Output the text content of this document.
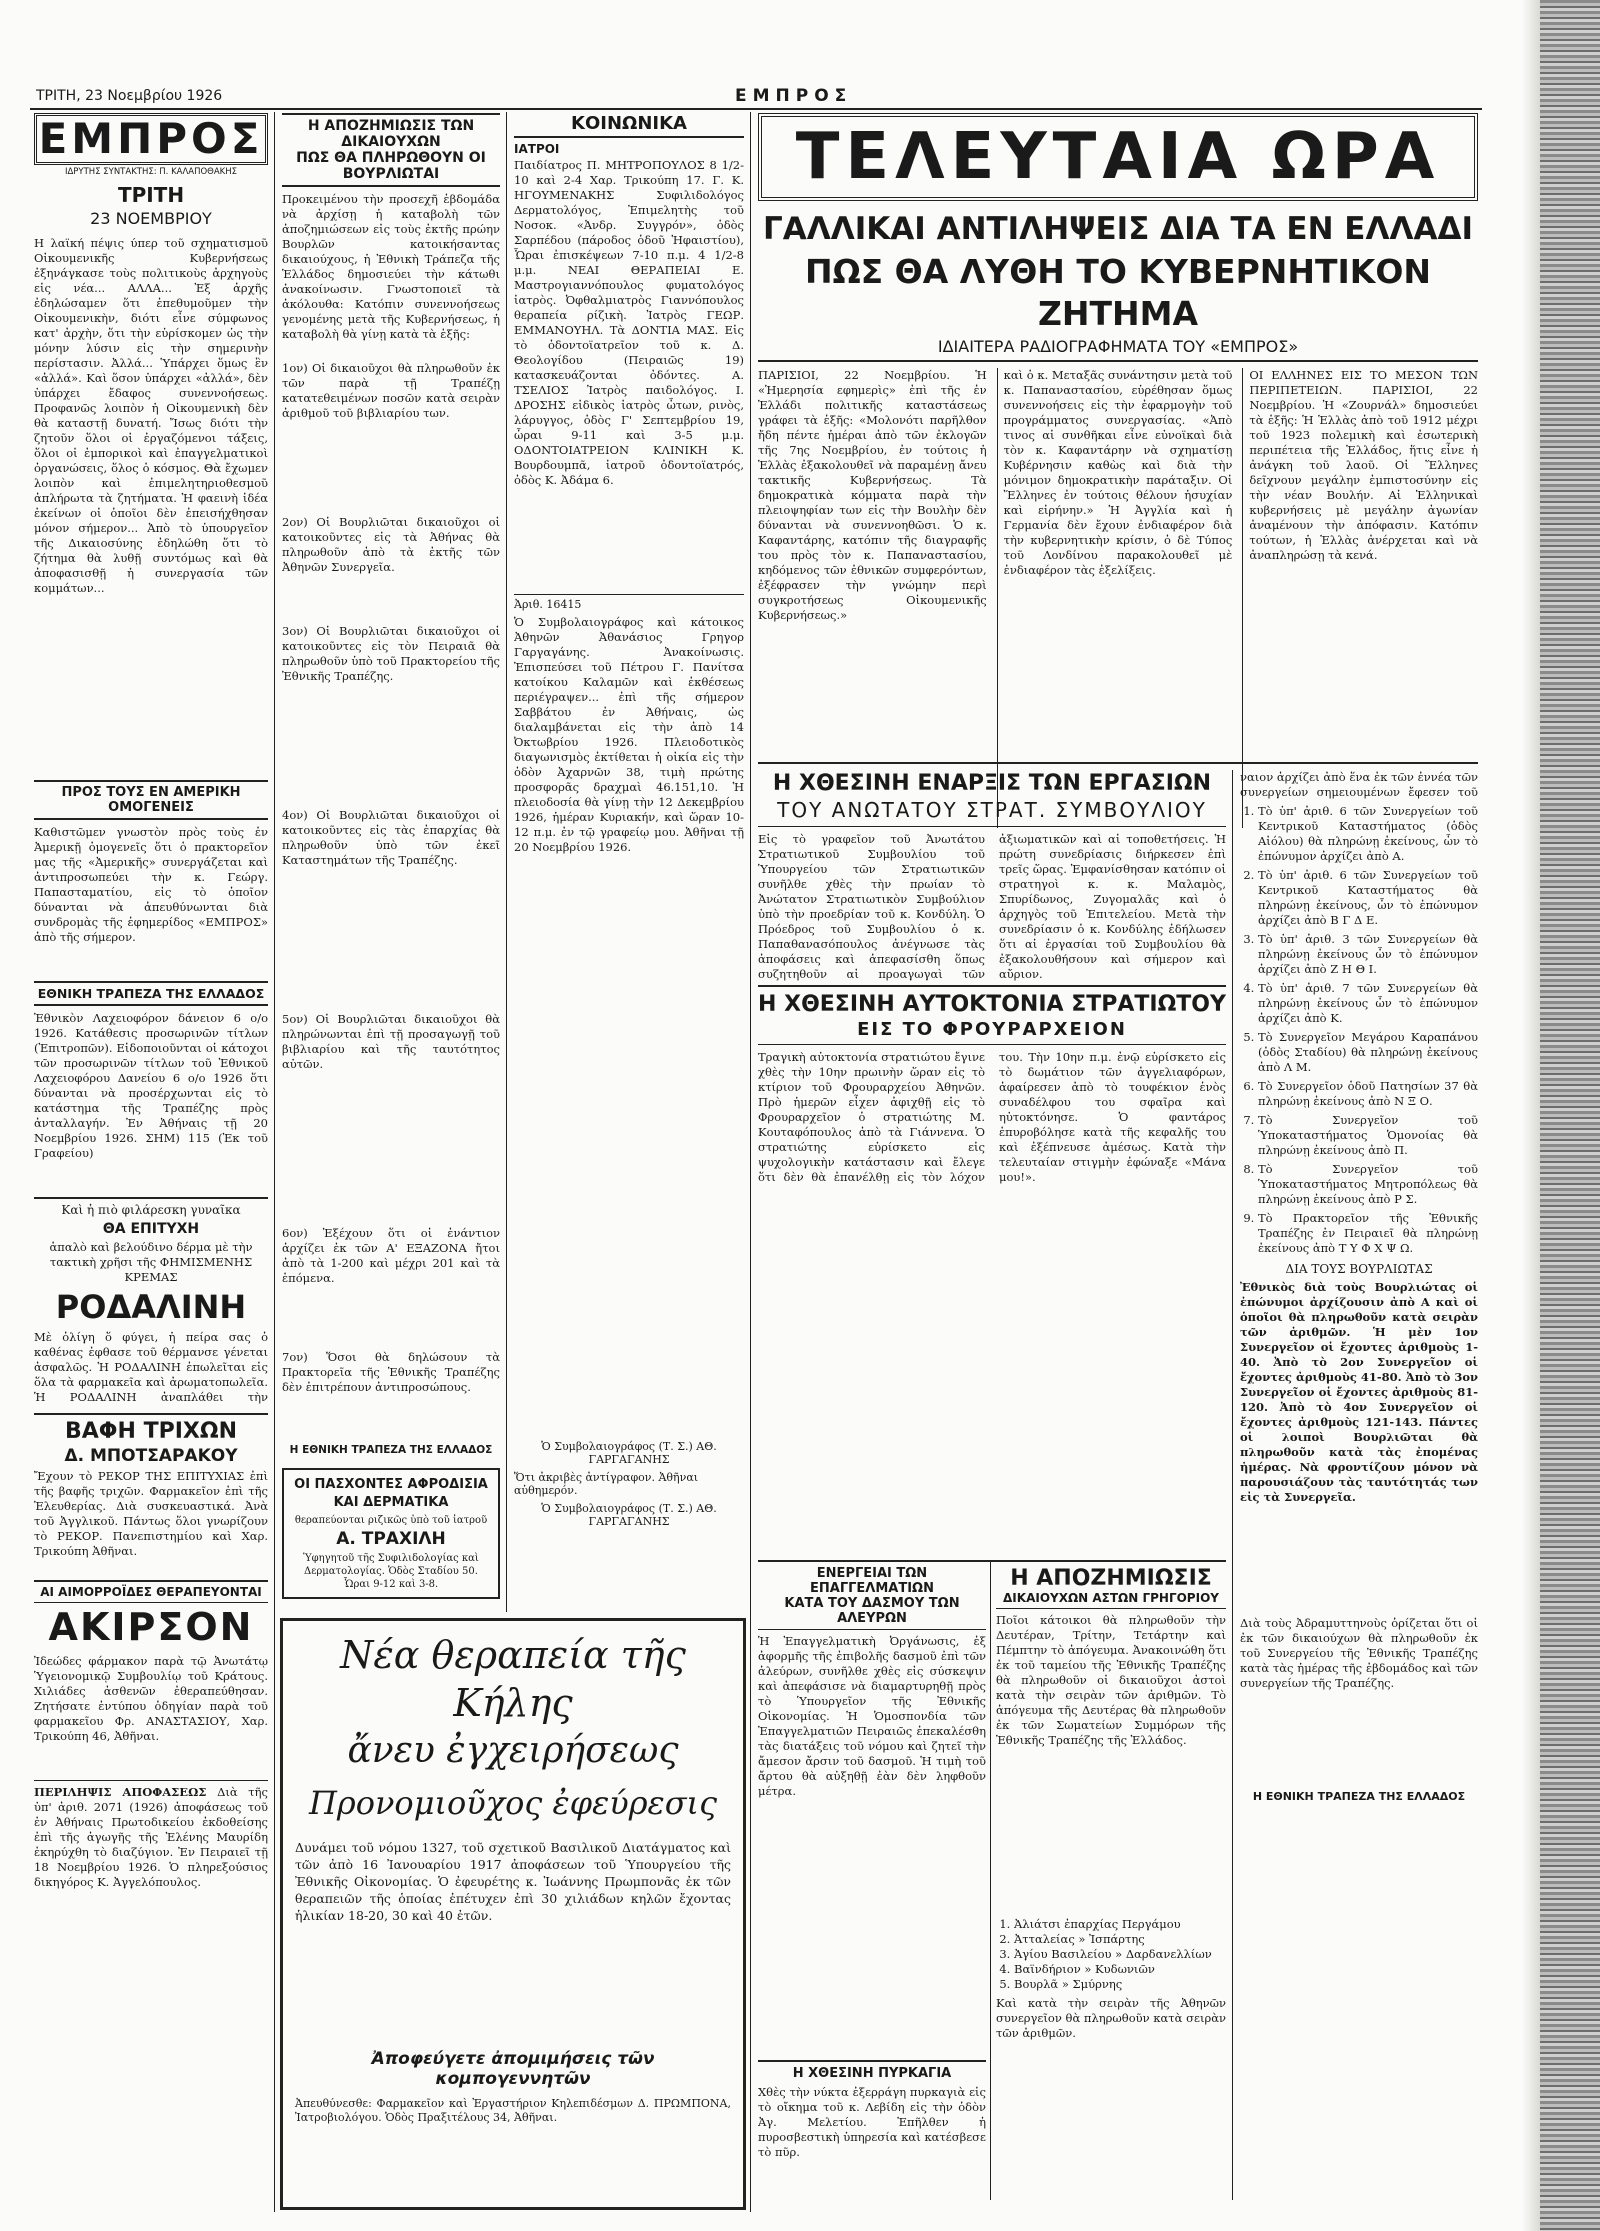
ΤΡΙΤΗ, 23 Νοεμβρίου 1926	ΕΜΠΡΟΣ
ΕΜΠΡΟΣ
ΙΔΡΥΤΗΣ ΣΥΝΤΑΚΤΗΣ: Π. ΚΑΛΑΠΟΘΑΚΗΣ
ΤΡΙΤΗ
23 ΝΟΕΜΒΡΙΟΥ

Η λαϊκή πέψις ύπερ τοῦ σχηματισμοῦ Οἰκουμενικῆς Κυβερνήσεως ἐξηνάγκασε τοὺς πολιτικοὺς ἀρχηγοὺς εἰς νέα... ΑΛΛΑ... Ἐξ ἀρχῆς ἐδηλώσαμεν ὅτι ἐπεθυμοῦμεν τὴν Οἰκουμενικὴν, διότι εἶνε σύμφωνος κατ' ἀρχὴν, ὅτι τὴν εὑρίσκομεν ὡς τὴν μόνην λύσιν εἰς τὴν σημερινὴν περίστασιν. Ἀλλά... Ὑπάρχει ὅμως ἓν «ἀλλά». Καὶ ὅσον ὑπάρχει «ἀλλά», δὲν ὑπάρχει ἔδαφος συνεννοήσεως. Προφανῶς λοιπὸν ἡ Οἰκουμενικὴ δὲν θὰ καταστῇ δυνατή. Ἴσως διότι τὴν ζητοῦν ὅλοι οἱ ἐργαζόμενοι τάξεις, ὅλοι οἱ ἐμπορικοὶ καὶ ἐπαγγελματικοὶ ὀργανώσεις, ὅλος ὁ κόσμος. Θὰ ἔχωμεν λοιπὸν καὶ ἐπιμελητηριοθεσμοῦ ἀπλήρωτα τὰ ζητήματα. Ἡ φαεινὴ ἰδέα ἐκείνων οἱ ὁποῖοι δὲν ἐπεισήχθησαν μόνον σήμερον... Ἀπὸ τὸ ὑπουργεῖον τῆς Δικαιοσύνης ἐδηλώθη ὅτι τὸ ζήτημα θὰ λυθῇ συντόμως καὶ θὰ ἀποφασισθῇ ἡ συνεργασία τῶν κομμάτων...

ΠΡΟΣ ΤΟΥΣ ΕΝ ΑΜΕΡΙΚΗ ΟΜΟΓΕΝΕΙΣ

Καθιστῶμεν γνωστὸν πρὸς τοὺς ἐν Ἀμερικῇ ὁμογενεῖς ὅτι ὁ πρακτορεῖον μας τῆς «Ἀμερικῆς» συνεργάζεται καὶ ἀντιπροσωπεύει τὴν κ. Γεώργ. Παπασταματίου, εἰς τὸ ὁποῖον δύνανται νὰ ἀπευθύνωνται διὰ συνδρομὰς τῆς ἐφημερίδος «ΕΜΠΡΟΣ» ἀπὸ τῆς σήμερον.

ΕΘΝΙΚΗ ΤΡΑΠΕΖΑ ΤΗΣ ΕΛΛΑΔΟΣ

Ἐθνικὸν Λαχειοφόρον δάνειον 6 ο/ο 1926. Κατάθεσις προσωρινῶν τίτλων (Ἐπιτροπῶν). Εἰδοποιοῦνται οἱ κάτοχοι τῶν προσωρινῶν τίτλων τοῦ Ἐθνικοῦ Λαχειοφόρου Δανείου 6 ο/ο 1926 ὅτι δύνανται νὰ προσέρχωνται εἰς τὸ κατάστημα τῆς Τραπέζης πρὸς ἀνταλλαγήν. Ἐν Ἀθήναις τῇ 20 Νοεμβρίου 1926. ΣΗΜ) 115 (Ἐκ τοῦ Γραφείου)

Καὶ ἡ πιὸ φιλάρεσκη γυναῖκα
ΘΑ ΕΠΙΤΥΧΗ
ἁπαλὸ καὶ βελούδινο δέρμα μὲ τὴν τακτικὴ χρῆσι τῆς ΦΗΜΙΣΜΕΝΗΣ ΚΡΕΜΑΣ
ΡΟΔΑΛΙΝΗ

Μὲ ὀλίγη ὅ φύγει, ἡ πείρα σας ὁ καθένας ἐφθασε τοῦ θέρμανσε γένεται ἀσφαλῶς. Ἡ ΡΟΔΑΛΙΝΗ ἐπωλεῖται εἰς ὅλα τὰ φαρμακεῖα καὶ ἀρωματοπωλεῖα. Ἡ ΡΟΔΑΛΙΝΗ ἀναπλάθει τὴν

ΒΑΦΗ ΤΡΙΧΩΝ
Δ. ΜΠΟΤΣΑΡΑΚΟΥ

Ἔχουν τὸ ΡΕΚΟΡ ΤΗΣ ΕΠΙΤΥΧΙΑΣ ἐπὶ τῆς βαφῆς τριχῶν. Φαρμακεῖον ἐπὶ τῆς Ἐλευθερίας. Διὰ συσκευαστικά. Ἀνὰ τοῦ Ἀγγλικοῦ. Πάντως ὅλοι γνωρίζουν τὸ ΡΕΚΟΡ. Πανεπιστημίου καὶ Χαρ. Τρικούπη Ἀθῆναι.

ΑΙ ΑΙΜΟΡΡΟΪΔΕΣ ΘΕΡΑΠΕΥΟΝΤΑΙ
ΑΚΙΡΣΟΝ

Ἰδεώδες φάρμακον παρὰ τῷ Ἀνωτάτῳ Ὑγειονομικῷ Συμβουλίῳ τοῦ Κράτους. Χιλιάδες ἀσθενῶν ἐθεραπεύθησαν. Ζητήσατε ἐντύπου ὁδηγίαν παρὰ τοῦ φαρμακεῖου Φρ. ΑΝΑΣΤΑΣΙΟΥ, Χαρ. Τρικούπη 46, Ἀθῆναι.

ΠΕΡΙΛΗΨΙΣ ΑΠΟΦΑΣΕΩΣ Διὰ τῆς ὑπ' ἀριθ. 2071 (1926) ἀποφάσεως τοῦ ἐν Ἀθήναις Πρωτοδικείου ἐκδοθείσης ἐπὶ τῆς ἀγωγῆς τῆς Ἑλένης Μαυρίδη ἐκηρύχθη τὸ διαζύγιον. Ἐν Πειραιεῖ τῇ 18 Νοεμβρίου 1926. Ὁ πληρεξούσιος δικηγόρος Κ. Ἀγγελόπουλος.

Η ΑΠΟΖΗΜΙΩΣΙΣ ΤΩΝ ΔΙΚΑΙΟΥΧΩΝ
ΠΩΣ ΘΑ ΠΛΗΡΩΘΟΥΝ ΟΙ ΒΟΥΡΛΙΩΤΑΙ

Προκειμένου τὴν προσεχῆ ἑβδομάδα νὰ ἀρχίσῃ ἡ καταβολὴ τῶν ἀποζημιώσεων εἰς τοὺς ἐκτῆς πρώην Βουρλῶν κατοικήσαντας δικαιούχους, ἡ Ἐθνικὴ Τράπεζα τῆς Ἑλλάδος δημοσιεύει τὴν κάτωθι ἀνακοίνωσιν. Γνωστοποιεῖ τὰ ἀκόλουθα: Κατόπιν συνεννοήσεως γενομένης μετὰ τῆς Κυβερνήσεως, ἡ καταβολὴ θὰ γίνῃ κατὰ τὰ ἑξῆς:

1ον) Οἱ δικαιοῦχοι θὰ πληρωθοῦν ἐκ τῶν παρὰ τῇ Τραπέζῃ κατατεθειμένων ποσῶν κατὰ σειρὰν ἀριθμοῦ τοῦ βιβλιαρίου των.

2ον) Οἱ Βουρλιῶται δικαιοῦχοι οἱ κατοικοῦντες εἰς τὰ Ἀθήνας θὰ πληρωθοῦν ἀπὸ τὰ ἐκτῆς τῶν Ἀθηνῶν Συνεργεῖα.

3ον) Οἱ Βουρλιῶται δικαιοῦχοι οἱ κατοικοῦντες εἰς τὸν Πειραιᾶ θὰ πληρωθοῦν ὑπὸ τοῦ Πρακτορείου τῆς Ἐθνικῆς Τραπέζης.

4ον) Οἱ Βουρλιῶται δικαιοῦχοι οἱ κατοικοῦντες εἰς τὰς ἐπαρχίας θὰ πληρωθοῦν ὑπὸ τῶν ἐκεῖ Καταστημάτων τῆς Τραπέζης.

5ον) Οἱ Βουρλιῶται δικαιοῦχοι θὰ πληρώνωνται ἐπὶ τῇ προσαγωγῇ τοῦ βιβλιαρίου καὶ τῆς ταυτότητος αὐτῶν.

6ον) Ἐξέχουν ὅτι οἱ ἐνάντιον ἀρχίζει ἐκ τῶν Α' ΕΞΑΖΟΝΑ ἤτοι ἀπὸ τὰ 1-200 καὶ μέχρι 201 καὶ τὰ ἑπόμενα.

7ον) Ὅσοι θὰ δηλώσουν τὰ Πρακτορεῖα τῆς Ἐθνικῆς Τραπέζης δὲν ἐπιτρέπουν ἀντιπροσώπους.

Η ΕΘΝΙΚΗ ΤΡΑΠΕΖΑ ΤΗΣ ΕΛΛΑΔΟΣ
ΟΙ ΠΑΣΧΟΝΤΕΣ ΑΦΡΟΔΙΣΙΑ ΚΑΙ ΔΕΡΜΑΤΙΚΑ
θεραπεύονται ριζικῶς ὑπὸ τοῦ ἰατροῦ
Α. ΤΡΑΧΙΛΗ
Ὑφηγητοῦ τῆς Συφιλιδολογίας καὶ Δερματολογίας. Ὁδὸς Σταδίου 50. Ὧραι 9-12 καὶ 3-8.
ΚΟΙΝΩΝΙΚΑ
ΙΑΤΡΟΙ

Παιδίατρος Π. ΜΗΤΡΟΠΟΥΛΟΣ 8 1/2-10 καὶ 2-4 Χαρ. Τρικούπη 17. Γ. Κ. ΗΓΟΥΜΕΝΑΚΗΣ Συφιλιδολόγος Δερματολόγος, Ἐπιμελητὴς τοῦ Νοσοκ. «Ἀνδρ. Συγγρόν», ὁδὸς Σαρπέδου (πάροδος ὁδοῦ Ἡφαιστίου), Ὧραι ἐπισκέψεων 7-10 π.μ. 4 1/2-8 μ.μ. ΝΕΑΙ ΘΕΡΑΠΕΙΑΙ Ε. Μαστρογιαννόπουλος φυματολόγος ἰατρὸς. Ὀφθαλμιατρὸς Γιαννόπουλος θεραπεία ρίζικὴ. Ἰατρὸς ΓΕΩΡ. ΕΜΜΑΝΟΥΗΛ. Τὰ ΔΟΝΤΙΑ ΜΑΣ. Εἰς τὸ ὀδοντοϊατρεῖον τοῦ κ. Δ. Θεολογίδου (Πειραιῶς 19) κατασκευάζονται ὀδόντες. Α. ΤΣΕΛΙΟΣ Ἰατρὸς παιδολόγος. Ι. ΔΡΟΣΗΣ εἰδικὸς ἰατρὸς ὦτων, ρινὸς, λάρυγγος, ὁδὸς Γ' Σεπτεμβρίου 19, ὧραι 9-11 καὶ 3-5 μ.μ. ΟΔΟΝΤΟΙΑΤΡΕΙΟΝ ΚΛΙΝΙΚΗ Κ. Βουρδουμπᾶ, ἰατροῦ ὀδοντοϊατρός, ὁδὸς Κ. Ἀδάμα 6.

Ἀριθ. 16415

Ὁ Συμβολαιογράφος καὶ κάτοικος Ἀθηνῶν Ἀθανάσιος Γρηγορ Γαργαγάνης. Ἀνακοίνωσις. Ἐπισπεύσει τοῦ Πέτρου Γ. Πανίτσα κατοίκου Καλαμῶν καὶ ἐκθέσεως περιέγραψεν... ἐπὶ τῆς σήμερον Σαββάτου ἐν Ἀθήναις, ὡς διαλαμβάνεται εἰς τὴν ἀπὸ 14 Ὀκτωβρίου 1926. Πλειοδοτικὸς διαγωνισμὸς ἐκτίθεται ἡ οἰκία εἰς τὴν ὁδὸν Ἀχαρνῶν 38, τιμὴ πρώτης προσφορᾶς δραχμαὶ 46.151,10. Ἡ πλειοδοσία θὰ γίνῃ τὴν 12 Δεκεμβρίου 1926, ἡμέραν Κυριακήν, καὶ ὥραν 10-12 π.μ. ἐν τῷ γραφείῳ μου. Ἀθῆναι τῇ 20 Νοεμβρίου 1926.

Ὁ Συμβολαιογράφος (Τ. Σ.) ΑΘ. ΓΑΡΓΑΓΑΝΗΣ
Ὅτι ἀκριβὲς ἀντίγραφον. Ἀθῆναι αὐθημερόν.
Ὁ Συμβολαιογράφος (Τ. Σ.) ΑΘ. ΓΑΡΓΑΓΑΝΗΣ
Νέα θεραπεία τῆς Κήλης
ἄνευ ἐγχειρήσεως
Προνομιοῦχος ἐφεύρεσις

Δυνάμει τοῦ νόμου 1327, τοῦ σχετικοῦ Βασιλικοῦ Διατάγματος καὶ τῶν ἀπὸ 16 Ἰανουαρίου 1917 ἀποφάσεων τοῦ Ὑπουργείου τῆς Ἐθνικῆς Οἰκονομίας. Ὁ ἐφευρέτης κ. Ἰωάννης Πρωμπονᾶς ἐκ τῶν θεραπειῶν τῆς ὁποίας ἐπέτυχεν ἐπὶ 30 χιλιάδων κηλῶν ἔχοντας ἡλικίαν 18-20, 30 καὶ 40 ἐτῶν.

Ἀποφεύγετε ἀπομιμήσεις τῶν κομπογεννητῶν

Ἀπευθύνεσθε: Φαρμακεῖον καὶ Ἐργαστήριον Κηλεπιδέσμων Δ. ΠΡΩΜΠΟΝΑ, Ἰατροβιολόγου. Ὁδὸς Πραξιτέλους 34, Ἀθῆναι.

ΤΕΛΕΥΤΑΙΑ ΩΡΑ
ΓΑΛΛΙΚΑΙ ΑΝΤΙΛΗΨΕΙΣ ΔΙΑ ΤΑ ΕΝ ΕΛΛΑΔΙ
ΠΩΣ ΘΑ ΛΥΘΗ ΤΟ ΚΥΒΕΡΝΗΤΙΚΟΝ ΖΗΤΗΜΑ
ΙΔΙΑΙΤΕΡΑ ΡΑΔΙΟΓΡΑΦΗΜΑΤΑ ΤΟΥ «ΕΜΠΡΟΣ»

ΠΑΡΙΣΙΟΙ, 22 Νοεμβρίου. Ἡ «Ἡμερησία εφημερὶς» ἐπὶ τῆς ἐν Ἑλλάδι πολιτικῆς καταστάσεως γράφει τὰ ἑξῆς: «Μολονότι παρῆλθον ἤδη πέντε ἡμέραι ἀπὸ τῶν ἐκλογῶν τῆς 7ης Νοεμβρίου, ἐν τούτοις ἡ Ἑλλὰς ἐξακολουθεῖ νὰ παραμένῃ ἄνευ τακτικῆς Κυβερνήσεως. Τὰ δημοκρατικὰ κόμματα παρὰ τὴν πλειοψηφίαν των εἰς τὴν Βουλὴν δὲν δύνανται νὰ συνεννοηθῶσι. Ὁ κ. Καφαντάρης, κατόπιν τῆς διαγραφῆς του πρὸς τὸν κ. Παπαναστασίου, κηδόμενος τῶν ἐθνικῶν συμφερόντων, ἐξέφρασεν τὴν γνώμην περὶ συγκροτήσεως Οἰκουμενικῆς Κυβερνήσεως.»

καὶ ὁ κ. Μεταξᾶς συνάντησιν μετὰ τοῦ κ. Παπαναστασίου, εὑρέθησαν ὅμως συνεννοήσεις εἰς τὴν ἐφαρμογὴν τοῦ προγράμματος συνεργασίας. «Ἀπὸ τινος αἱ συνθῆκαι εἶνε εὐνοϊκαὶ διὰ τὸν κ. Καφαντάρην νὰ σχηματίσῃ Κυβέρνησιν καθὼς καὶ διὰ τὴν μόνιμον δημοκρατικὴν παράταξιν. Οἱ Ἕλληνες ἐν τούτοις θέλουν ἡσυχίαν καὶ εἰρήνην.» Ἡ Ἀγγλία καὶ ἡ Γερμανία δὲν ἔχουν ἐνδιαφέρον διὰ τὴν κυβερνητικὴν κρίσιν, ὁ δὲ Τύπος τοῦ Λονδίνου παρακολουθεῖ μὲ ἐνδιαφέρον τὰς ἐξελίξεις.

ΟΙ ΕΛΛΗΝΕΣ ΕΙΣ ΤΟ ΜΕΣΟΝ ΤΩΝ ΠΕΡΙΠΕΤΕΙΩΝ. ΠΑΡΙΣΙΟΙ, 22 Νοεμβρίου. Ἡ «Ζουρνάλ» δημοσιεύει τὰ ἑξῆς: Ἡ Ἑλλὰς ἀπὸ τοῦ 1912 μέχρι τοῦ 1923 πολεμικὴ καὶ ἐσωτερικὴ περιπέτεια τῆς Ἑλλάδος, ἥτις εἶνε ἡ ἀνάγκη τοῦ λαοῦ. Οἱ Ἕλληνες δεῖχνουν μεγάλην ἐμπιστοσύνην εἰς τὴν νέαν Βουλήν. Αἱ Ἑλληνικαὶ κυβερνήσεις μὲ μεγάλην ἀγωνίαν ἀναμένουν τὴν ἀπόφασιν. Κατόπιν τούτων, ἡ Ἑλλὰς ἀνέρχεται καὶ νὰ ἀναπληρώσῃ τὰ κενά.

Η ΧΘΕΣΙΝΗ ΕΝΑΡΞΙΣ ΤΩΝ ΕΡΓΑΣΙΩΝ
ΤΟΥ ΑΝΩΤΑΤΟΥ ΣΤΡΑΤ. ΣΥΜΒΟΥΛΙΟΥ

Εἰς τὸ γραφεῖον τοῦ Ἀνωτάτου Στρατιωτικοῦ Συμβουλίου τοῦ Ὑπουργείου τῶν Στρατιωτικῶν συνῆλθε χθὲς τὴν πρωίαν τὸ Ἀνώτατον Στρατιωτικὸν Συμβούλιον ὑπὸ τὴν προεδρίαν τοῦ κ. Κονδύλη. Ὁ Πρόεδρος τοῦ Συμβουλίου ὁ κ. Παπαθανασόπουλος ἀνέγνωσε τὰς ἀποφάσεις καὶ ἀπεφασίσθη ὅπως συζητηθοῦν αἱ προαγωγαὶ τῶν ἀξιωματικῶν καὶ αἱ τοποθετήσεις. Ἡ πρώτη συνεδρίασις διήρκεσεν ἐπὶ τρεῖς ὥρας. Ἐμφανίσθησαν κατόπιν οἱ στρατηγοὶ κ. κ. Μαλαμὸς, Σπυρίδωνος, Ζυγομαλᾶς καὶ ὁ ἀρχηγὸς τοῦ Ἐπιτελείου. Μετὰ τὴν συνεδρίασιν ὁ κ. Κονδύλης ἐδήλωσεν ὅτι αἱ ἐργασίαι τοῦ Συμβουλίου θὰ ἐξακολουθήσουν καὶ σήμερον καὶ αὔριον.

Η ΧΘΕΣΙΝΗ ΑΥΤΟΚΤΟΝΙΑ ΣΤΡΑΤΙΩΤΟΥ
ΕΙΣ ΤΟ ΦΡΟΥΡΑΡΧΕΙΟΝ

Τραγικὴ αὐτοκτονία στρατιώτου ἔγινε χθὲς τὴν 10ην πρωινὴν ὥραν εἰς τὸ κτίριον τοῦ Φρουραρχείου Ἀθηνῶν. Πρὸ ἡμερῶν εἶχεν ἀφιχθῇ εἰς τὸ Φρουραρχεῖον ὁ στρατιώτης Μ. Κουταφόπουλος ἀπὸ τὰ Γιάννενα. Ὁ στρατιώτης εὑρίσκετο εἰς ψυχολογικὴν κατάστασιν καὶ ἔλεγε ὅτι δὲν θὰ ἐπανέλθῃ εἰς τὸν λόχον του. Τὴν 10ην π.μ. ἐνῷ εὑρίσκετο εἰς τὸ δωμάτιον τῶν ἀγγελιαφόρων, ἀφαίρεσεν ἀπὸ τὸ τουφέκιον ἑνὸς συναδέλφου του σφαῖρα καὶ ηὐτοκτόνησε. Ὁ φαντάρος ἐπυροβόλησε κατὰ τῆς κεφαλῆς του καὶ ἐξέπνευσε ἀμέσως. Κατὰ τὴν τελευταίαν στιγμὴν ἐφώναξε «Μάνα μου!».

ΕΝΕΡΓΕΙΑΙ ΤΩΝ ΕΠΑΓΓΕΛΜΑΤΙΩΝ
ΚΑΤΑ ΤΟΥ ΔΑΣΜΟΥ ΤΩΝ ΑΛΕΥΡΩΝ

Ἡ Ἐπαγγελματικὴ Ὀργάνωσις, ἐξ ἀφορμῆς τῆς ἐπιβολῆς δασμοῦ ἐπὶ τῶν ἀλεύρων, συνῆλθε χθὲς εἰς σύσκεψιν καὶ ἀπεφάσισε νὰ διαμαρτυρηθῇ πρὸς τὸ Ὑπουργεῖον τῆς Ἐθνικῆς Οἰκονομίας. Ἡ Ὁμοσπονδία τῶν Ἐπαγγελματιῶν Πειραιῶς ἐπεκαλέσθη τὰς διατάξεις τοῦ νόμου καὶ ζητεῖ τὴν ἄμεσον ἄρσιν τοῦ δασμοῦ. Ἡ τιμὴ τοῦ ἄρτου θὰ αὐξηθῇ ἐὰν δὲν ληφθοῦν μέτρα.

Η ΧΘΕΣΙΝΗ ΠΥΡΚΑΓΙΑ

Χθὲς τὴν νύκτα ἐξερράγη πυρκαγιὰ εἰς τὸ οἴκημα τοῦ κ. Λεβίδη εἰς τὴν ὁδὸν Ἀγ. Μελετίου. Ἐπῆλθεν ἡ πυροσβεστικὴ ὑπηρεσία καὶ κατέσβεσε τὸ πῦρ.

Η ΑΠΟΖΗΜΙΩΣΙΣ
ΔΙΚΑΙΟΥΧΩΝ ΑΣΤΩΝ ΓΡΗΓΟΡΙΟΥ

Ποῖοι κάτοικοι θὰ πληρωθοῦν τὴν Δευτέραν, Τρίτην, Τετάρτην καὶ Πέμπτην τὸ ἀπόγευμα. Ἀνακοινώθη ὅτι ἐκ τοῦ ταμείου τῆς Ἐθνικῆς Τραπέζης θὰ πληρωθοῦν οἱ δικαιοῦχοι ἀστοὶ κατὰ τὴν σειρὰν τῶν ἀριθμῶν. Τὸ ἀπόγευμα τῆς Δευτέρας θὰ πληρωθοῦν ἐκ τῶν Σωματείων Συμμόρων τῆς Ἐθνικῆς Τραπέζης τῆς Ἑλλάδος.

1. Ἀλιάτσι ἐπαρχίας Περγάμου
2. Ἀτταλείας » Ἰσπάρτης
3. Ἀγίου Βασιλείου » Δαρδανελλίων
4. Βαϊνδήριον » Κυδωνιῶν
5. Βουρλᾶ » Σμύρνης

Καὶ κατὰ τὴν σειρὰν τῆς Ἀθηνῶν συνεργεῖον θὰ πληρωθοῦν κατὰ σειρὰν τῶν ἀριθμῶν.

ναιον ἀρχίζει ἀπὸ ἕνα ἐκ τῶν ἐννέα τῶν συνεργείων σημειουμένων ἔφεσεν τοῦ

1. Τὸ ὑπ' ἀριθ. 6 τῶν Συνεργείων τοῦ Κεντρικοῦ Καταστήματος (ὁδὸς Αἰόλου) θὰ πληρώνῃ ἐκείνους, ὧν τὸ ἐπώνυμον ἀρχίζει ἀπὸ Α.
2. Τὸ ὑπ' ἀριθ. 6 τῶν Συνεργείων τοῦ Κεντρικοῦ Καταστήματος θὰ πληρώνῃ ἐκείνους, ὧν τὸ ἐπώνυμον ἀρχίζει ἀπὸ Β Γ Δ Ε.
3. Τὸ ὑπ' ἀριθ. 3 τῶν Συνεργείων θὰ πληρώνῃ ἐκείνους ὧν τὸ ἐπώνυμον ἀρχίζει ἀπὸ Ζ Η Θ Ι.
4. Τὸ ὑπ' ἀριθ. 7 τῶν Συνεργείων θὰ πληρώνῃ ἐκείνους ὧν τὸ ἐπώνυμον ἀρχίζει ἀπὸ Κ.
5. Τὸ Συνεργεῖον Μεγάρου Καραπάνου (ὁδὸς Σταδίου) θὰ πληρώνῃ ἐκείνους ἀπὸ Λ Μ.
6. Τὸ Συνεργεῖον ὁδοῦ Πατησίων 37 θὰ πληρώνῃ ἐκείνους ἀπὸ Ν Ξ Ο.
7. Τὸ Συνεργεῖον τοῦ Ὑποκαταστήματος Ὁμονοίας θὰ πληρώνῃ ἐκείνους ἀπὸ Π.
8. Τὸ Συνεργεῖον τοῦ Ὑποκαταστήματος Μητροπόλεως θὰ πληρώνῃ ἐκείνους ἀπὸ Ρ Σ.
9. Τὸ Πρακτορεῖον τῆς Ἐθνικῆς Τραπέζης ἐν Πειραιεῖ θὰ πληρώνῃ ἐκείνους ἀπὸ Τ Υ Φ Χ Ψ Ω.
ΔΙΑ ΤΟΥΣ ΒΟΥΡΛΙΩΤΑΣ

Ἐθνικὸς διὰ τοὺς Βουρλιώτας οἱ ἐπώνυμοι ἀρχίζουσιν ἀπὸ Α καὶ οἱ ὁποῖοι θὰ πληρωθοῦν κατὰ σειρὰν τῶν ἀριθμῶν. Ἡ μὲν 1ον Συνεργεῖον οἱ ἔχοντες ἀριθμοὺς 1-40. Ἀπὸ τὸ 2ον Συνεργεῖον οἱ ἔχοντες ἀριθμοὺς 41-80. Ἀπὸ τὸ 3ον Συνεργεῖον οἱ ἔχοντες ἀριθμοὺς 81-120. Ἀπὸ τὸ 4ον Συνεργεῖον οἱ ἔχοντες ἀριθμοὺς 121-143. Πάντες οἱ λοιποὶ Βουρλιῶται θὰ πληρωθοῦν κατὰ τὰς ἐπομένας ἡμέρας. Νὰ φροντίζουν μόνον νὰ παρουσιάζουν τὰς ταυτότητάς των εἰς τὰ Συνεργεῖα.

Διὰ τοὺς Ἀδραμυττηνοὺς ὁρίζεται ὅτι οἱ ἐκ τῶν δικαιούχων θὰ πληρωθοῦν ἐκ τοῦ Συνεργείου τῆς Ἐθνικῆς Τραπέζης κατὰ τὰς ἡμέρας τῆς ἐβδομάδος καὶ τῶν συνεργείων τῆς Τραπέζης.

Η ΕΘΝΙΚΗ ΤΡΑΠΕΖΑ ΤΗΣ ΕΛΛΑΔΟΣ
